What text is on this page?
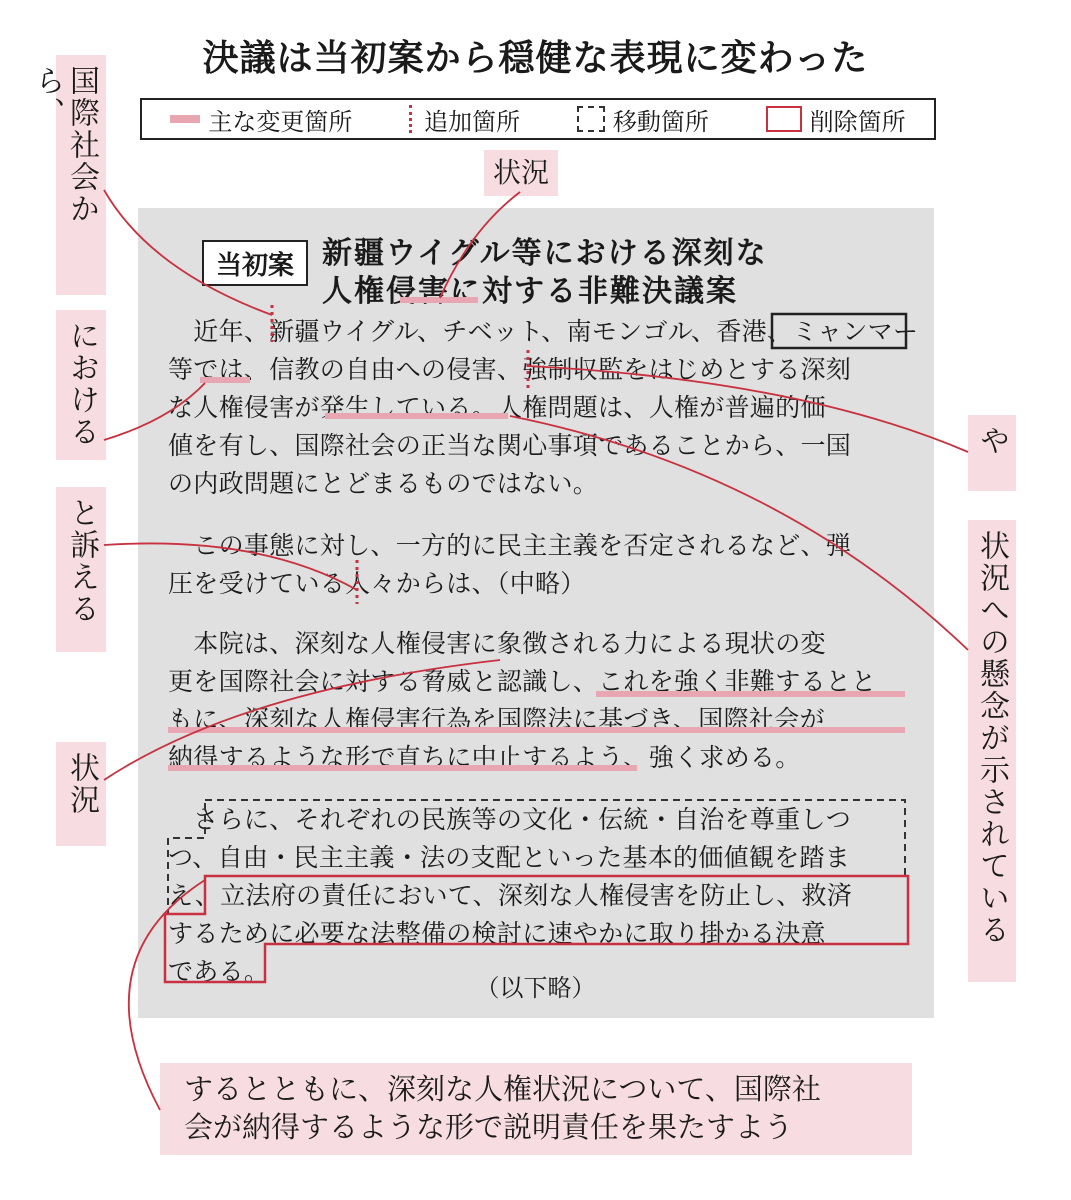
決議は当初案から穏健な表現に変わった
主な変更箇所	追加箇所	移動箇所	削除箇所
当初案 新疆ウイグル等における深刻な
人権侵害に対する非難決議案
　近年、新疆ウイグル、チベット、南モンゴル、香港、ミャンマー
等では、信教の自由への侵害、強制収監をはじめとする深刻
な人権侵害が発生している。人権問題は、人権が普遍的価
値を有し、国際社会の正当な関心事項であることから、一国
の内政問題にとどまるものではない。
　この事態に対し、一方的に民主主義を否定されるなど、弾
圧を受けている人々からは、（中略）
　本院は、深刻な人権侵害に象徴される力による現状の変
更を国際社会に対する脅威と認識し、これを強く非難するとと
もに、深刻な人権侵害行為を国際法に基づき、国際社会が
納得するような形で直ちに中止するよう、強く求める。
　さらに、それぞれの民族等の文化・伝統・自治を尊重しつ
つ、自由・民主主義・法の支配といった基本的価値観を踏ま
え、立法府の責任において、深刻な人権侵害を防止し、救済
するために必要な法整備の検討に速やかに取り掛かる決意
である。
（以下略）
状況
国際社会から、
における
と訴える
状況
や
状況への懸念が示されている
するとともに、深刻な人権状況について、国際社
会が納得するような形で説明責任を果たすよう
